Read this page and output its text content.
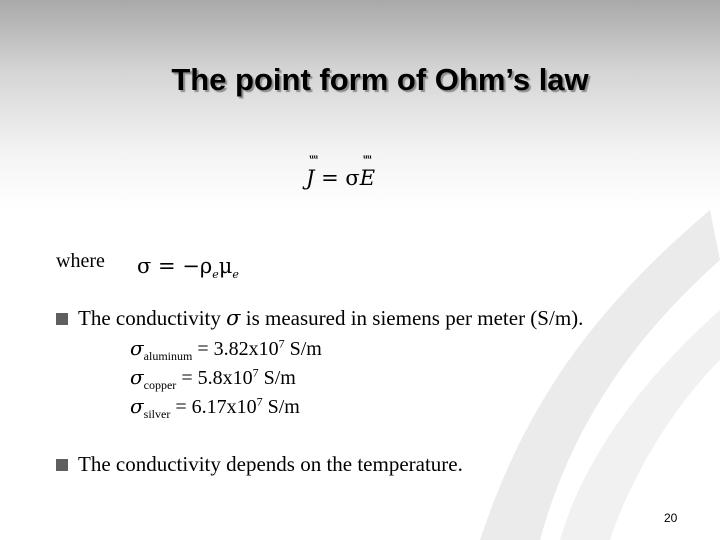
The point form of Ohm’s law
ᵘᵘ
J = σ
ᵘᵘ
E
where $\sigma = -\rho_e\mu_e$
The conductivity σ is measured in siemens per meter (S/m).
$\sigma_{aluminum} = 3.82x10^7$ S/m
$\sigma_{copper} = 5.8x10^7$ S/m
$\sigma_{silver} = 6.17x10^7$ S/m
The conductivity depends on the temperature.
20
